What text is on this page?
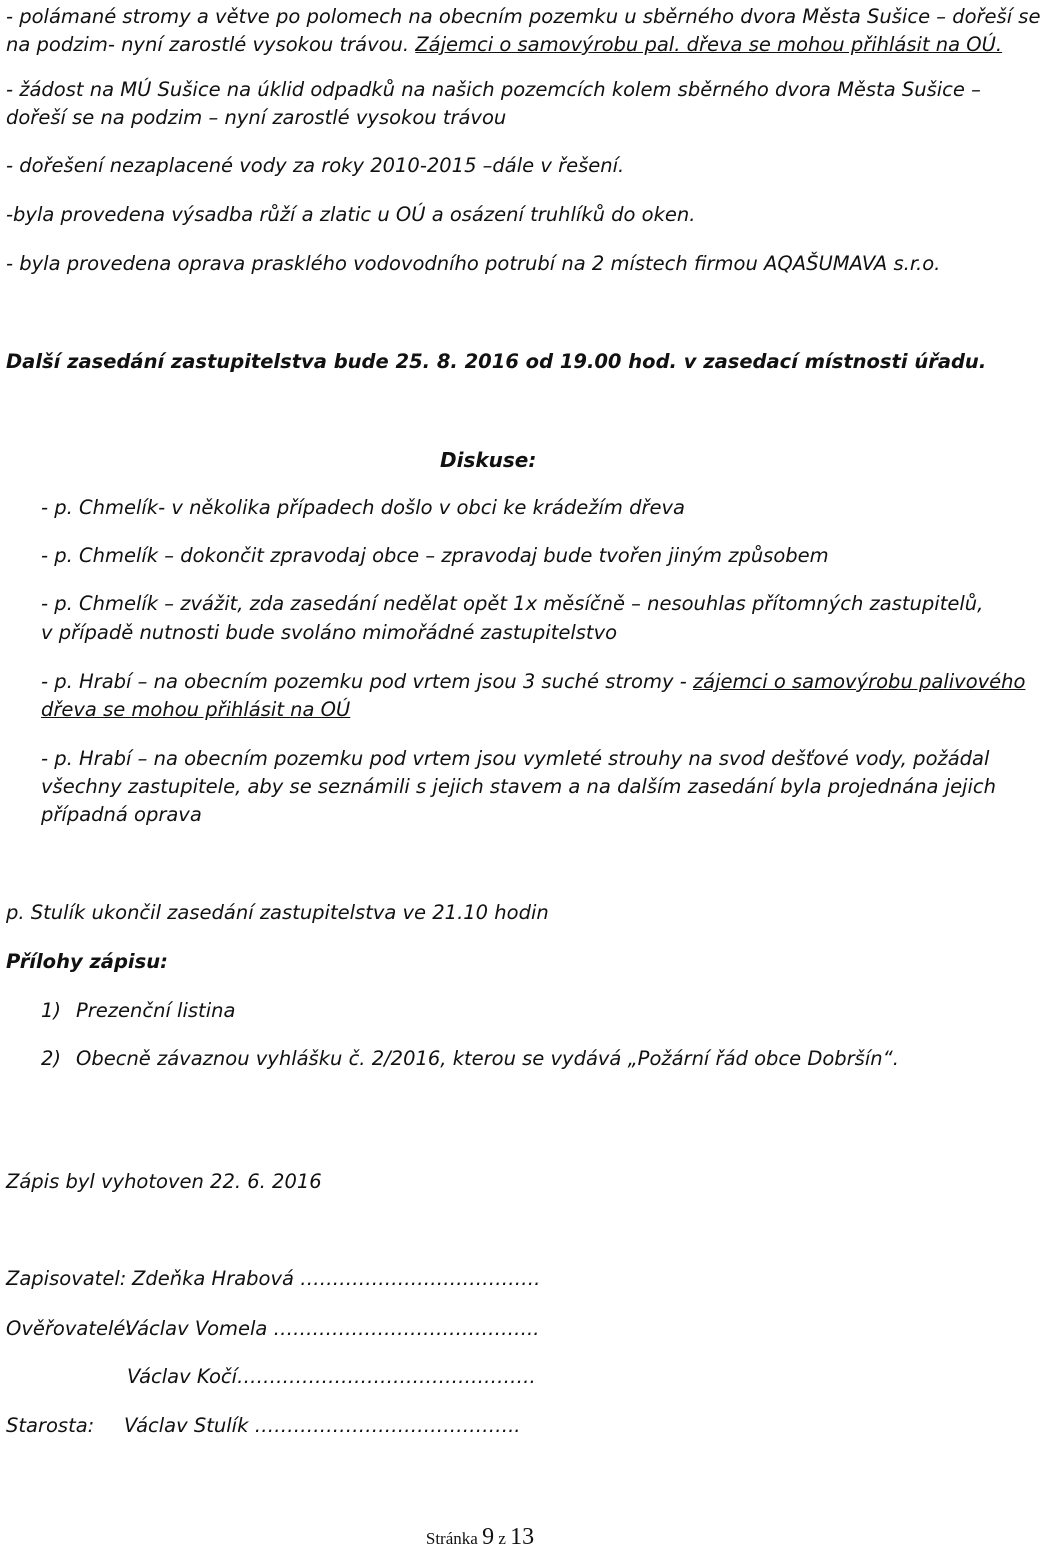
- polámané stromy a větve po polomech na obecním pozemku u sběrného dvora Města Sušice – dořeší se
na podzim- nyní zarostlé vysokou trávou. Zájemci o samovýrobu pal. dřeva se mohou přihlásit na OÚ.
- žádost na MÚ Sušice na úklid odpadků na našich pozemcích kolem sběrného dvora Města Sušice –
dořeší se na podzim – nyní zarostlé vysokou trávou
- dořešení nezaplacené vody za roky 2010-2015 –dále v řešení.
-byla provedena výsadba růží a zlatic u OÚ a osázení truhlíků do oken.
- byla provedena oprava prasklého vodovodního potrubí na 2 místech firmou AQAŠUMAVA s.r.o.
Další zasedání zastupitelstva bude 25. 8. 2016 od 19.00 hod. v zasedací místnosti úřadu.
Diskuse:
- p. Chmelík- v několika případech došlo v obci ke krádežím dřeva
- p. Chmelík – dokončit zpravodaj obce – zpravodaj bude tvořen jiným způsobem
- p. Chmelík – zvážit, zda zasedání nedělat opět 1x měsíčně – nesouhlas přítomných zastupitelů,
v případě nutnosti bude svoláno mimořádné zastupitelstvo
- p. Hrabí – na obecním pozemku pod vrtem jsou 3 suché stromy - zájemci o samovýrobu palivového
dřeva se mohou přihlásit na OÚ
- p. Hrabí – na obecním pozemku pod vrtem jsou vymleté strouhy na svod dešťové vody, požádal
všechny zastupitele, aby se seznámili s jejich stavem a na dalším zasedání byla projednána jejich
případná oprava
p. Stulík ukončil zasedání zastupitelstva ve 21.10 hodin
Přílohy zápisu:
1) Prezenční listina
2) Obecně závaznou vyhlášku č. 2/2016, kterou se vydává „Požární řád obce Dobršín“.
Zápis byl vyhotoven 22. 6. 2016
Zapisovatel: Zdeňka Hrabová ……………………………….
Ověřovatelé:
Václav Vomela …………………………………..
Václav Kočí……………………………………….
Starosta: Václav Stulík …………………………………..
Stránka 9 z 13
